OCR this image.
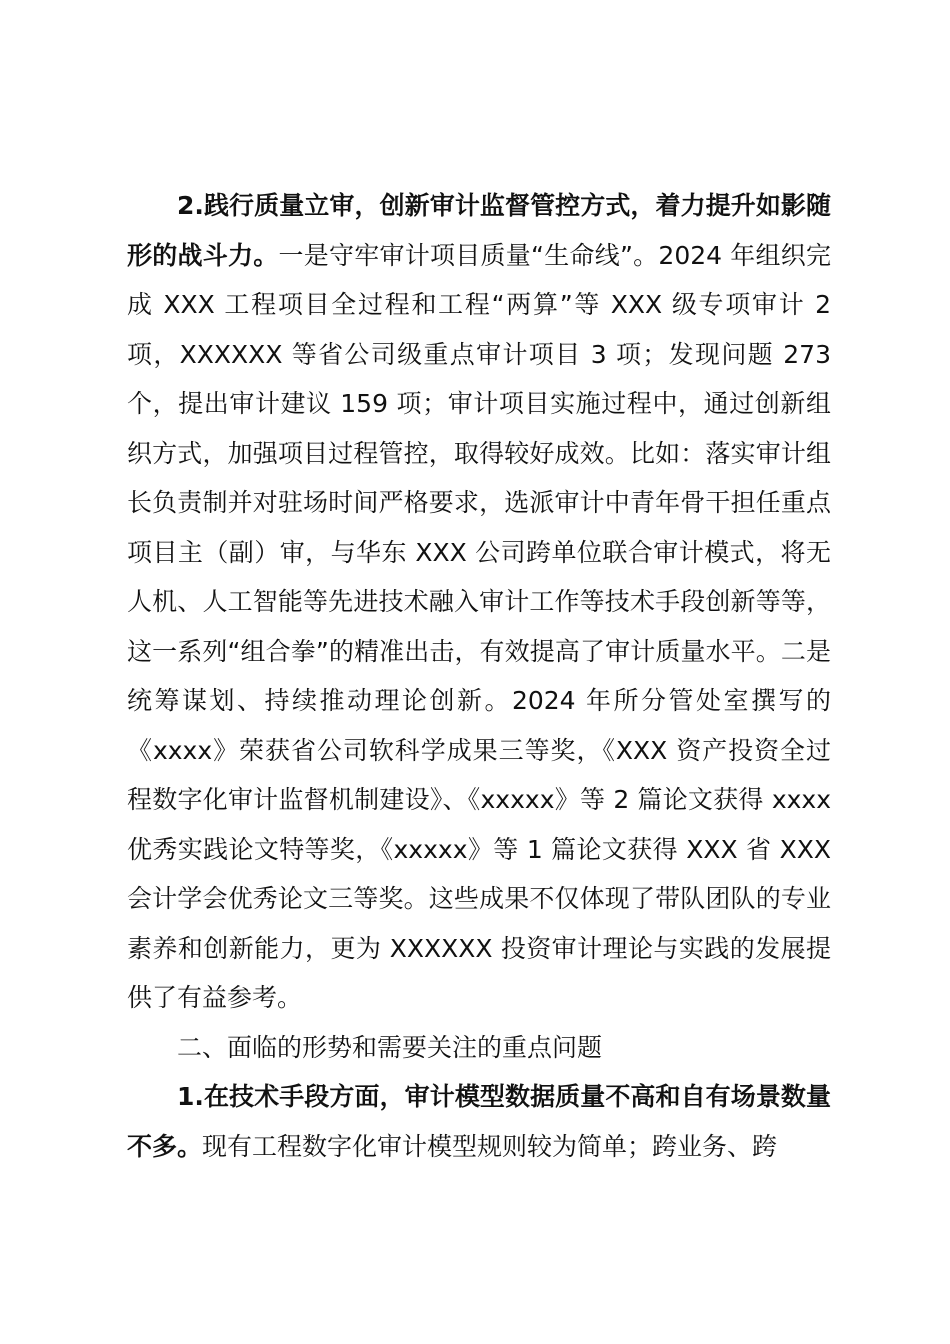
2.践行质量立审，创新审计监督管控方式，着力提升如影随形的战斗力。一是守牢审计项目质量“生命线”。2024 年组织完成 XXX 工程项目全过程和工程“两算”等 XXX 级专项审计 2 项，XXXXXX 等省公司级重点审计项目 3 项；发现问题 273 个，提出审计建议 159 项；审计项目实施过程中，通过创新组织方式，加强项目过程管控，取得较好成效。比如：落实审计组长负责制并对驻场时间严格要求，选派审计中青年骨干担任重点项目主（副）审，与华东 XXX 公司跨单位联合审计模式，将无人机、人工智能等先进技术融入审计工作等技术手段创新等等，这一系列“组合拳”的精准出击，有效提高了审计质量水平。二是统筹谋划、持续推动理论创新。2024 年所分管处室撰写的《xxxx》荣获省公司软科学成果三等奖，《XXX 资产投资全过程数字化审计监督机制建设》、《xxxxx》等 2 篇论文获得 xxxx 优秀实践论文特等奖，《xxxxx》等 1 篇论文获得 XXX 省 XXX 会计学会优秀论文三等奖。这些成果不仅体现了带队团队的专业素养和创新能力，更为 XXXXXX 投资审计理论与实践的发展提供了有益参考。

二、面临的形势和需要关注的重点问题

1.在技术手段方面，审计模型数据质量不高和自有场景数量不多。现有工程数字化审计模型规则较为简单；跨业务、跨
